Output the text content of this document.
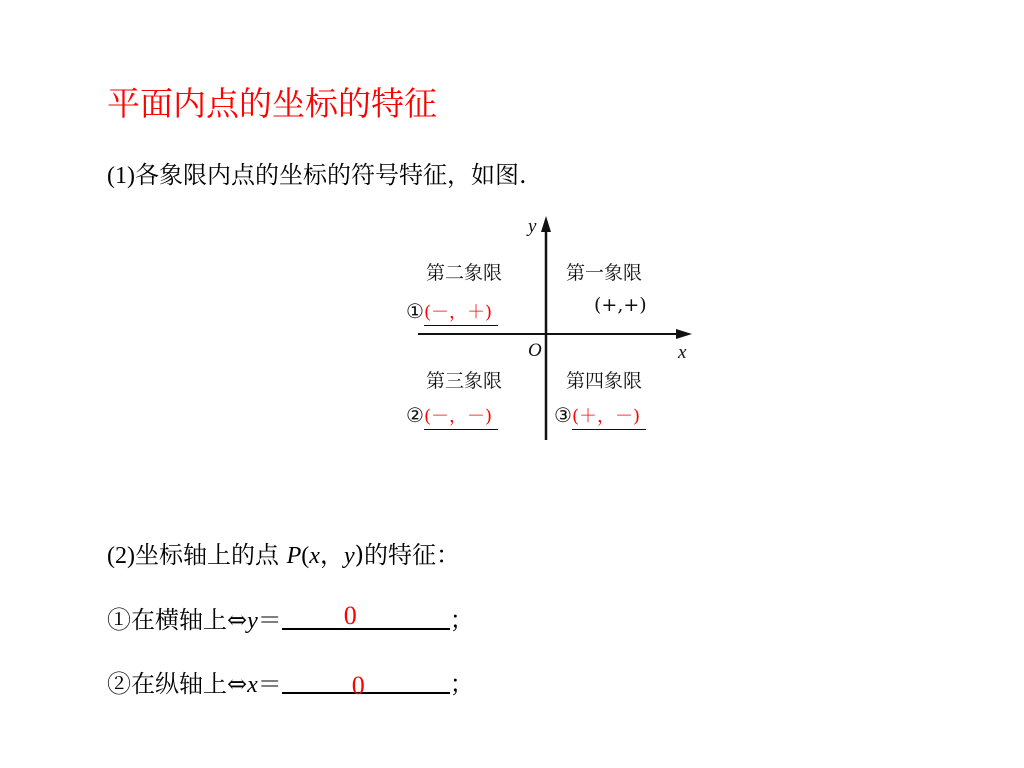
平面内点的坐标的特征
(1)各象限内点的坐标的符号特征，如图.
y
x
O
第二象限	第一象限
(+,+)
①(－，＋)
第三象限	第四象限
②(－，－)	③(＋，－)
(2)坐标轴上的点 P(x，y)的特征：
①在横轴上⇔y＝ 0	；
②在纵轴上⇔x＝	0	；
